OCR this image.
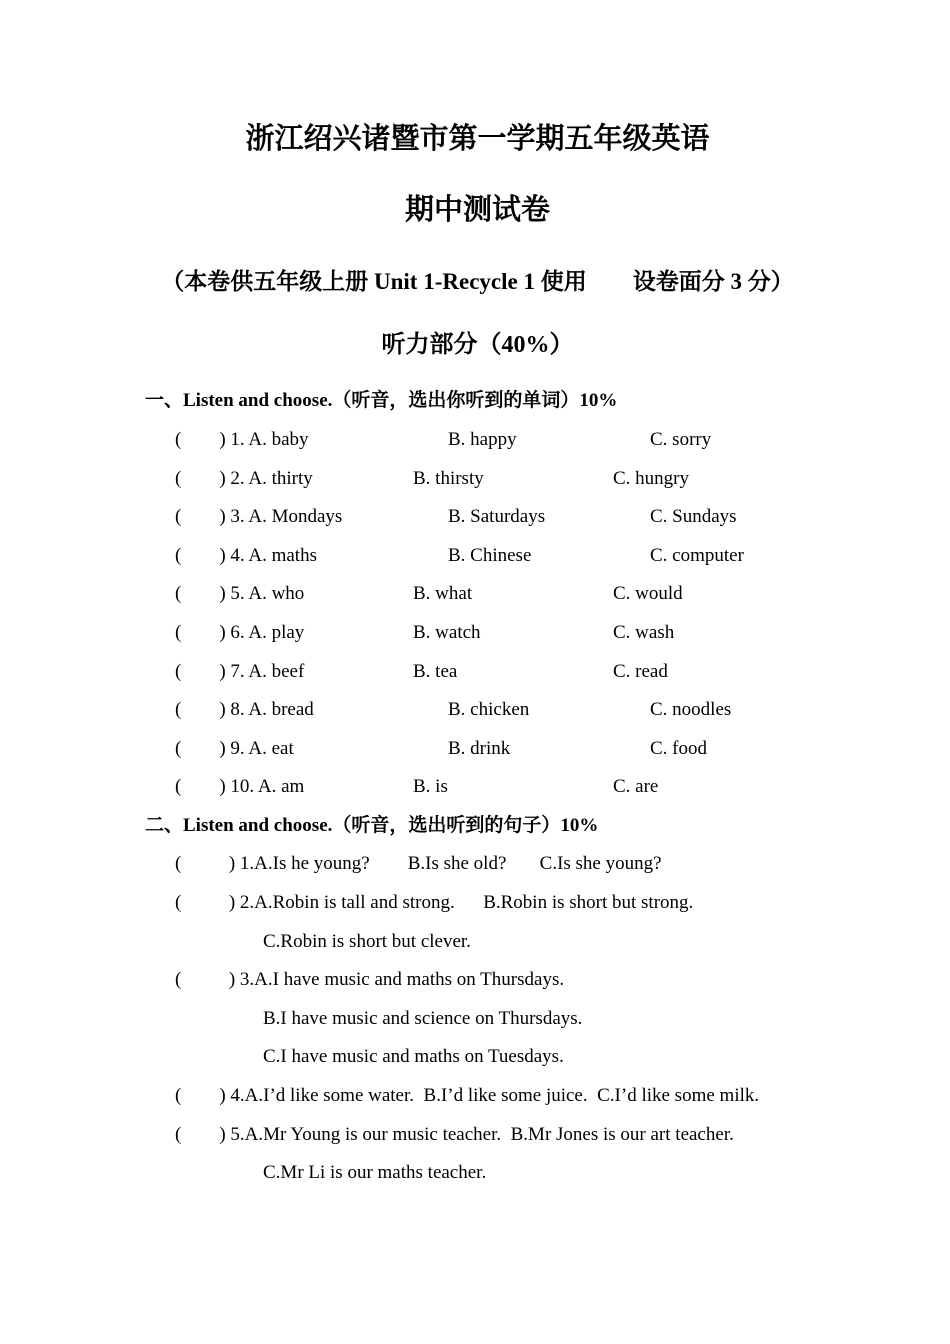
浙江绍兴诸暨市第一学期五年级英语
期中测试卷
（本卷供五年级上册 Unit 1-Recycle 1 使用　　设卷面分 3 分）
听力部分（40%）
一、Listen and choose.（听音，选出你听到的单词）10%
(        ) 1. A. baby	B. happy	C. sorry
(        ) 2. A. thirty	B. thirsty	C. hungry
(        ) 3. A. Mondays	B. Saturdays	C. Sundays
(        ) 4. A. maths	B. Chinese	C. computer
(        ) 5. A. who	B. what	C. would
(        ) 6. A. play	B. watch	C. wash
(        ) 7. A. beef	B. tea	C. read
(        ) 8. A. bread	B. chicken	C. noodles
(        ) 9. A. eat	B. drink	C. food
(        ) 10. A. am	B. is	C. are
二、Listen and choose.（听音，选出听到的句子）10%
(          ) 1.A.Is he young?        B.Is she old?       C.Is she young?
(          ) 2.A.Robin is tall and strong.      B.Robin is short but strong.
C.Robin is short but clever.
(          ) 3.A.I have music and maths on Thursdays.
B.I have music and science on Thursdays.
C.I have music and maths on Tuesdays.
(        ) 4.A.I’d like some water.  B.I’d like some juice.  C.I’d like some milk.
(        ) 5.A.Mr Young is our music teacher.  B.Mr Jones is our art teacher.
C.Mr Li is our maths teacher.
